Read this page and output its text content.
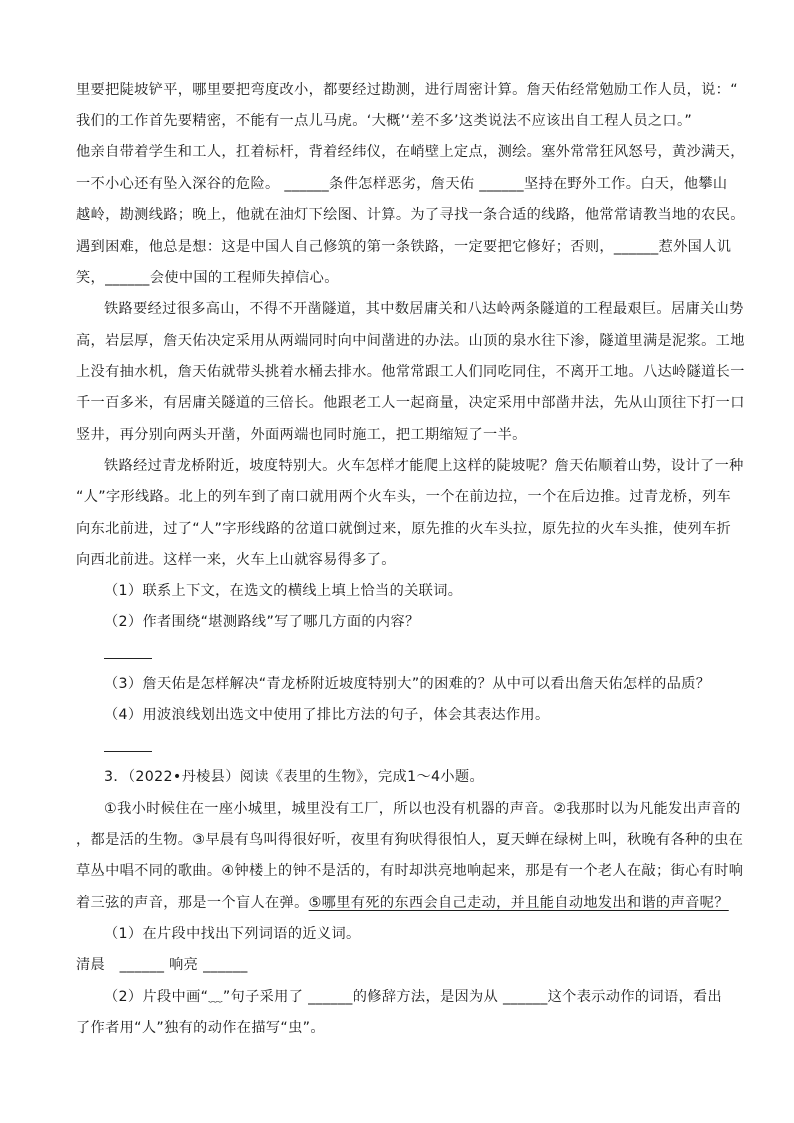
里要把陡坡铲平，哪里要把弯度改小，都要经过勘测，进行周密计算。詹天佑经常勉励工作人员，说：“
我们的工作首先要精密，不能有一点儿马虎。‘大概’‘差不多’这类说法不应该出自工程人员之口。”
他亲自带着学生和工人，扛着标杆，背着经纬仪，在峭壁上定点，测绘。塞外常常狂风怒号，黄沙满天，
一不小心还有坠入深谷的危险。 ______条件怎样恶劣，詹天佑 ______坚持在野外工作。白天，他攀山
越岭，勘测线路；晚上，他就在油灯下绘图、计算。为了寻找一条合适的线路，他常常请教当地的农民。
遇到困难，他总是想：这是中国人自己修筑的第一条铁路，一定要把它修好；否则，______惹外国人讥
笑，______会使中国的工程师失掉信心。
铁路要经过很多高山，不得不开凿隧道，其中数居庸关和八达岭两条隧道的工程最艰巨。居庸关山势
高，岩层厚，詹天佑决定采用从两端同时向中间凿进的办法。山顶的泉水往下渗，隧道里满是泥浆。工地
上没有抽水机，詹天佑就带头挑着水桶去排水。他常常跟工人们同吃同住，不离开工地。八达岭隧道长一
千一百多米，有居庸关隧道的三倍长。他跟老工人一起商量，决定采用中部凿井法，先从山顶往下打一口
竖井，再分别向两头开凿，外面两端也同时施工，把工期缩短了一半。
铁路经过青龙桥附近，坡度特别大。火车怎样才能爬上这样的陡坡呢？詹天佑顺着山势，设计了一种
“人”字形线路。北上的列车到了南口就用两个火车头，一个在前边拉，一个在后边推。过青龙桥，列车
向东北前进，过了“人”字形线路的岔道口就倒过来，原先推的火车头拉，原先拉的火车头推，使列车折
向西北前进。这样一来，火车上山就容易得多了。
（1）联系上下文，在选文的横线上填上恰当的关联词。
（2）作者围绕“堪测路线”写了哪几方面的内容？
（3）詹天佑是怎样解决“青龙桥附近坡度特别大”的困难的？从中可以看出詹天佑怎样的品质？
（4）用波浪线划出选文中使用了排比方法的句子，体会其表达作用。
3．（2022•丹棱县）阅读《表里的生物》，完成1～4小题。
①我小时候住在一座小城里，城里没有工厂，所以也没有机器的声音。②我那时以为凡能发出声音的
，都是活的生物。③早晨有鸟叫得很好听，夜里有狗吠得很怕人，夏天蝉在绿树上叫，秋晚有各种的虫在
草丛中唱不同的歌曲。④钟楼上的钟不是活的，有时却洪亮地响起来，那是有一个老人在敲；街心有时响
着三弦的声音，那是一个盲人在弹。⑤哪里有死的东西会自己走动，并且能自动地发出和谐的声音呢？
（1）在片段中找出下列词语的近义词。
清晨　______ 响亮 ______
（2）片段中画“﹏”句子采用了 ______的修辞方法，是因为从 ______这个表示动作的词语，看出
了作者用“人”独有的动作在描写“虫”。
